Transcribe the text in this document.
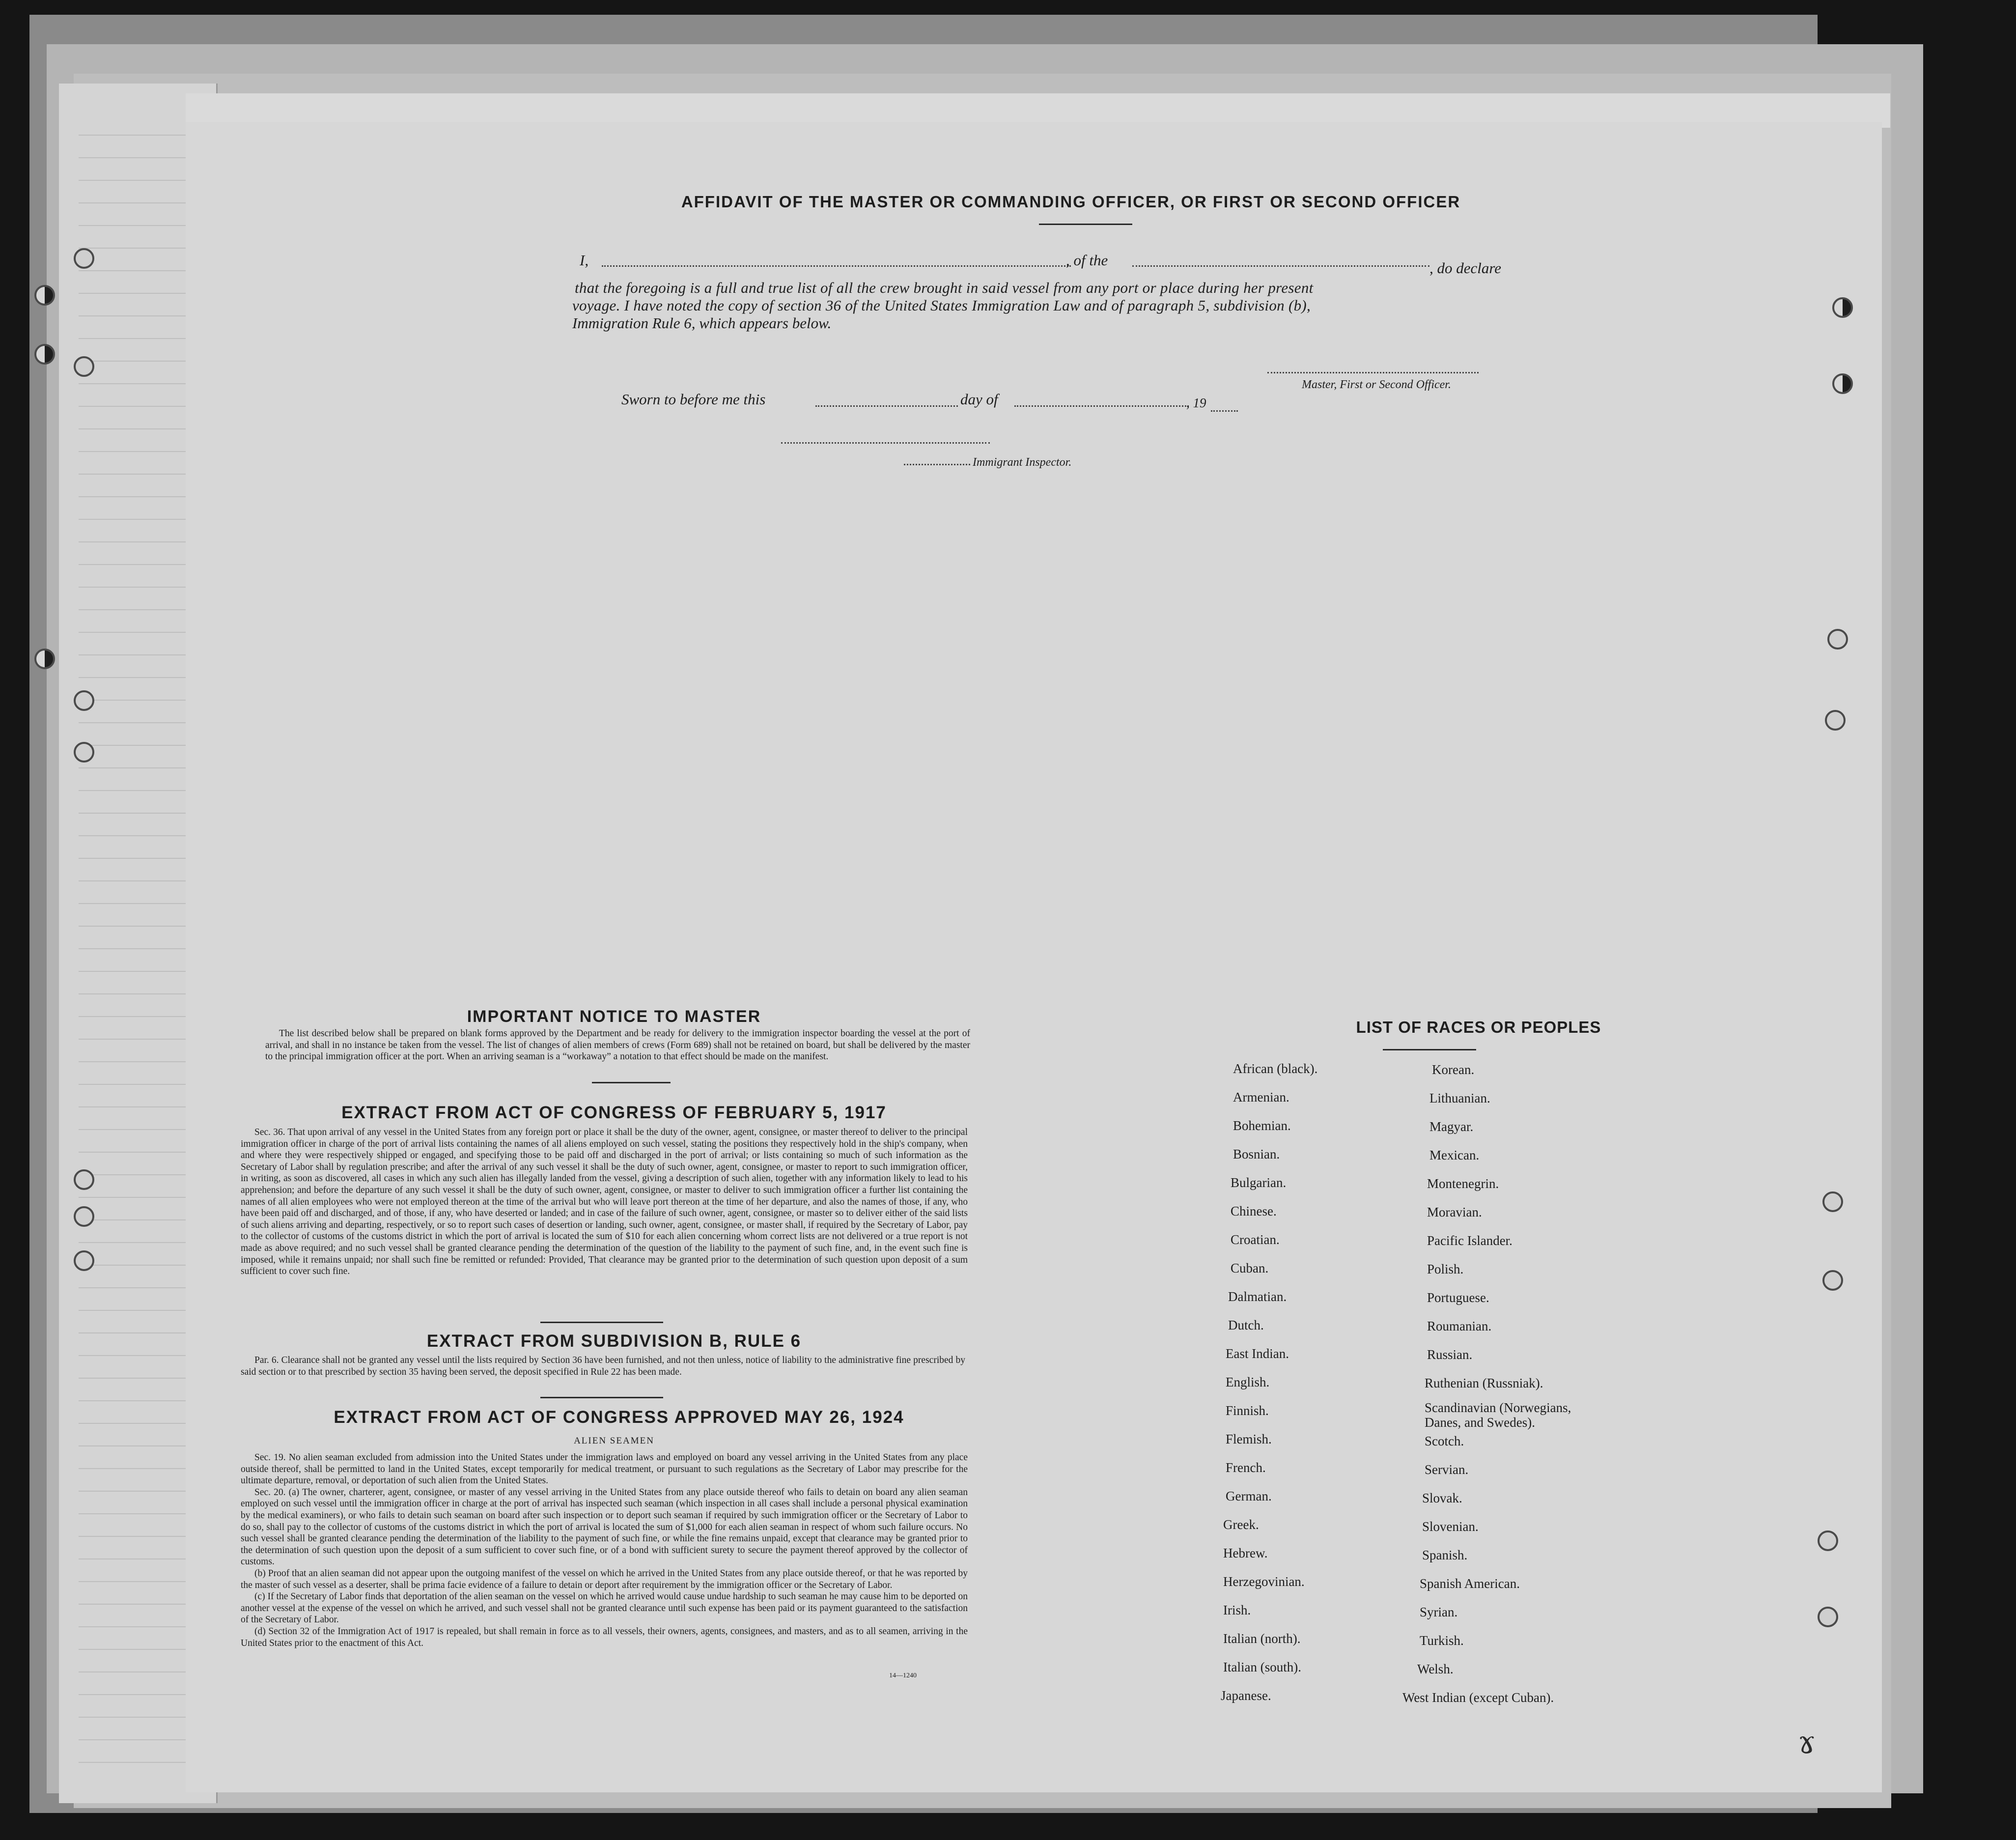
AFFIDAVIT OF THE MASTER OR COMMANDING OFFICER, OR FIRST OR SECOND OFFICER
I,	, of the	, do declare
that the foregoing is a full and true list of all the crew brought in said vessel from any port or place during her present
voyage. I have noted the copy of section 36 of the United States Immigration Law and of paragraph 5, subdivision (b),
Immigration Rule 6, which appears below.
Master, First or Second Officer.
Sworn to before me this	day of	, 19
Immigrant Inspector.
IMPORTANT NOTICE TO MASTER

The list described below shall be prepared on blank forms approved by the Department and be ready for delivery to the immigration inspector boarding the vessel at the port of arrival, and shall in no instance be taken from the vessel. The list of changes of alien members of crews (Form 689) shall not be retained on board, but shall be delivered by the master to the principal immigration officer at the port. When an arriving seaman is a “workaway” a notation to that effect should be made on the manifest.

EXTRACT FROM ACT OF CONGRESS OF FEBRUARY 5, 1917

Sec. 36. That upon arrival of any vessel in the United States from any foreign port or place it shall be the duty of the owner, agent, consignee, or master thereof to deliver to the principal immigration officer in charge of the port of arrival lists containing the names of all aliens employed on such vessel, stating the positions they respectively hold in the ship's company, when and where they were respectively shipped or engaged, and specifying those to be paid off and discharged in the port of arrival; or lists containing so much of such information as the Secretary of Labor shall by regulation prescribe; and after the arrival of any such vessel it shall be the duty of such owner, agent, consignee, or master to report to such immigration officer, in writing, as soon as discovered, all cases in which any such alien has illegally landed from the vessel, giving a description of such alien, together with any information likely to lead to his apprehension; and before the departure of any such vessel it shall be the duty of such owner, agent, consignee, or master to deliver to such immigration officer a further list containing the names of all alien employees who were not employed thereon at the time of the arrival but who will leave port thereon at the time of her departure, and also the names of those, if any, who have been paid off and discharged, and of those, if any, who have deserted or landed; and in case of the failure of such owner, agent, consignee, or master so to deliver either of the said lists of such aliens arriving and departing, respectively, or so to report such cases of desertion or landing, such owner, agent, consignee, or master shall, if required by the Secretary of Labor, pay to the collector of customs of the customs district in which the port of arrival is located the sum of $10 for each alien concerning whom correct lists are not delivered or a true report is not made as above required; and no such vessel shall be granted clearance pending the determination of the question of the liability to the payment of such fine, and, in the event such fine is imposed, while it remains unpaid; nor shall such fine be remitted or refunded: Provided, That clearance may be granted prior to the determination of such question upon deposit of a sum sufficient to cover such fine.

EXTRACT FROM SUBDIVISION B, RULE 6

Par. 6. Clearance shall not be granted any vessel until the lists required by Section 36 have been furnished, and not then unless, notice of liability to the administrative fine prescribed by said section or to that prescribed by section 35 having been served, the deposit specified in Rule 22 has been made.

EXTRACT FROM ACT OF CONGRESS APPROVED MAY 26, 1924
ALIEN SEAMEN

Sec. 19. No alien seaman excluded from admission into the United States under the immigration laws and employed on board any vessel arriving in the United States from any place outside thereof, shall be permitted to land in the United States, except temporarily for medical treatment, or pursuant to such regulations as the Secretary of Labor may prescribe for the ultimate departure, removal, or deportation of such alien from the United States.

Sec. 20. (a) The owner, charterer, agent, consignee, or master of any vessel arriving in the United States from any place outside thereof who fails to detain on board any alien seaman employed on such vessel until the immigration officer in charge at the port of arrival has inspected such seaman (which inspection in all cases shall include a personal physical examination by the medical examiners), or who fails to detain such seaman on board after such inspection or to deport such seaman if required by such immigration officer or the Secretary of Labor to do so, shall pay to the collector of customs of the customs district in which the port of arrival is located the sum of $1,000 for each alien seaman in respect of whom such failure occurs. No such vessel shall be granted clearance pending the determination of the liability to the payment of such fine, or while the fine remains unpaid, except that clearance may be granted prior to the determination of such question upon the deposit of a sum sufficient to cover such fine, or of a bond with sufficient surety to secure the payment thereof approved by the collector of customs.

(b) Proof that an alien seaman did not appear upon the outgoing manifest of the vessel on which he arrived in the United States from any place outside thereof, or that he was reported by the master of such vessel as a deserter, shall be prima facie evidence of a failure to detain or deport after requirement by the immigration officer or the Secretary of Labor.

(c) If the Secretary of Labor finds that deportation of the alien seaman on the vessel on which he arrived would cause undue hardship to such seaman he may cause him to be deported on another vessel at the expense of the vessel on which he arrived, and such vessel shall not be granted clearance until such expense has been paid or its payment guaranteed to the satisfaction of the Secretary of Labor.

(d) Section 32 of the Immigration Act of 1917 is repealed, but shall remain in force as to all vessels, their owners, agents, consignees, and masters, and as to all seamen, arriving in the United States prior to the enactment of this Act.

14—1240
LIST OF RACES OR PEOPLES
African (black).
Armenian.
Bohemian.
Bosnian.
Bulgarian.
Chinese.
Croatian.
Cuban.
Dalmatian.
Dutch.
East Indian.
English.
Finnish.
Flemish.
French.
German.
Greek.
Hebrew.
Herzegovinian.
Irish.
Italian (north).
Italian (south).
Japanese.
Korean.
Lithuanian.
Magyar.
Mexican.
Montenegrin.
Moravian.
Pacific Islander.
Polish.
Portuguese.
Roumanian.
Russian.
Ruthenian (Russniak).
Scandinavian (Norwegians, Danes, and Swedes).
Scotch.
Servian.
Slovak.
Slovenian.
Spanish.
Spanish American.
Syrian.
Turkish.
Welsh.
West Indian (except Cuban).
ɤ
